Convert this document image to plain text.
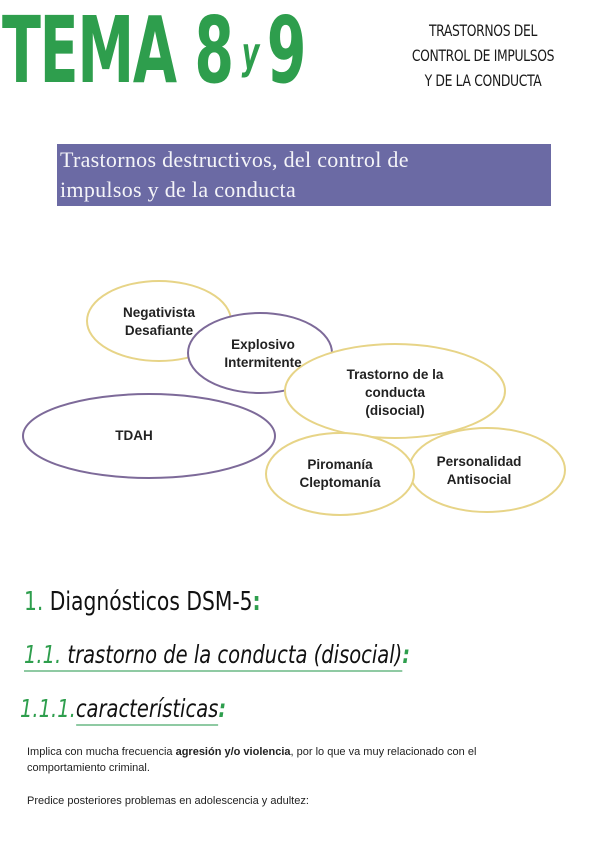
TEMA 8 y9	TRASTORNOS DEL
CONTROL DE IMPULSOS
Y DE LA CONDUCTA
Trastornos destructivos, del control de
impulsos y de la conducta
Negativista
Desafiante
Explosivo
Intermitente
Trastorno de la
conducta
(disocial)
TDAH
Piromanía
Cleptomanía
Personalidad
Antisocial
1. Diagnósticos DSM-5:
1.1. trastorno de la conducta (disocial):
1.1.1.características:
Implica con mucha frecuencia agresión y/o violencia, por lo que va muy relacionado con el comportamiento criminal.
Predice posteriores problemas en adolescencia y adultez:
